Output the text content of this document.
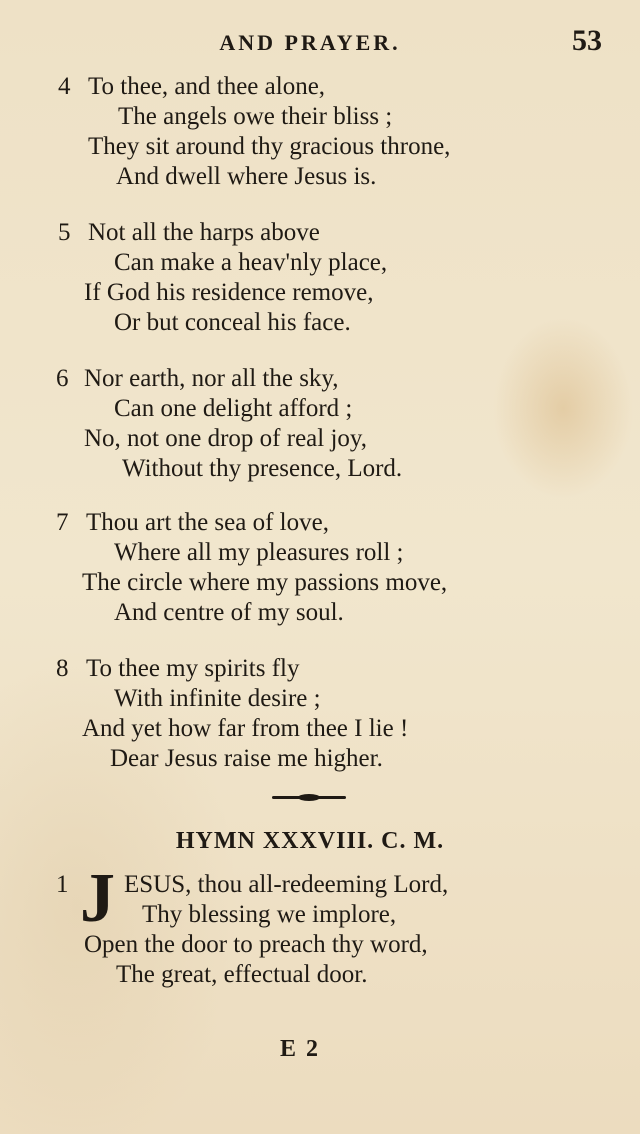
AND PRAYER.	53
4 To thee, and thee alone,
The angels owe their bliss ;
They sit around thy gracious throne,
And dwell where Jesus is.
5 Not all the harps above
Can make a heav'nly place,
If God his residence remove,
Or but conceal his face.
6 Nor earth, nor all the sky,
Can one delight afford ;
No, not one drop of real joy,
Without thy presence, Lord.
7 Thou art the sea of love,
Where all my pleasures roll ;
The circle where my passions move,
And centre of my soul.
8 To thee my spirits fly
With infinite desire ;
And yet how far from thee I lie !
Dear Jesus raise me higher.
HYMN XXXVIII. C. M.
1 J ESUS, thou all-redeeming Lord,
Thy blessing we implore,
Open the door to preach thy word,
The great, effectual door.
E 2
